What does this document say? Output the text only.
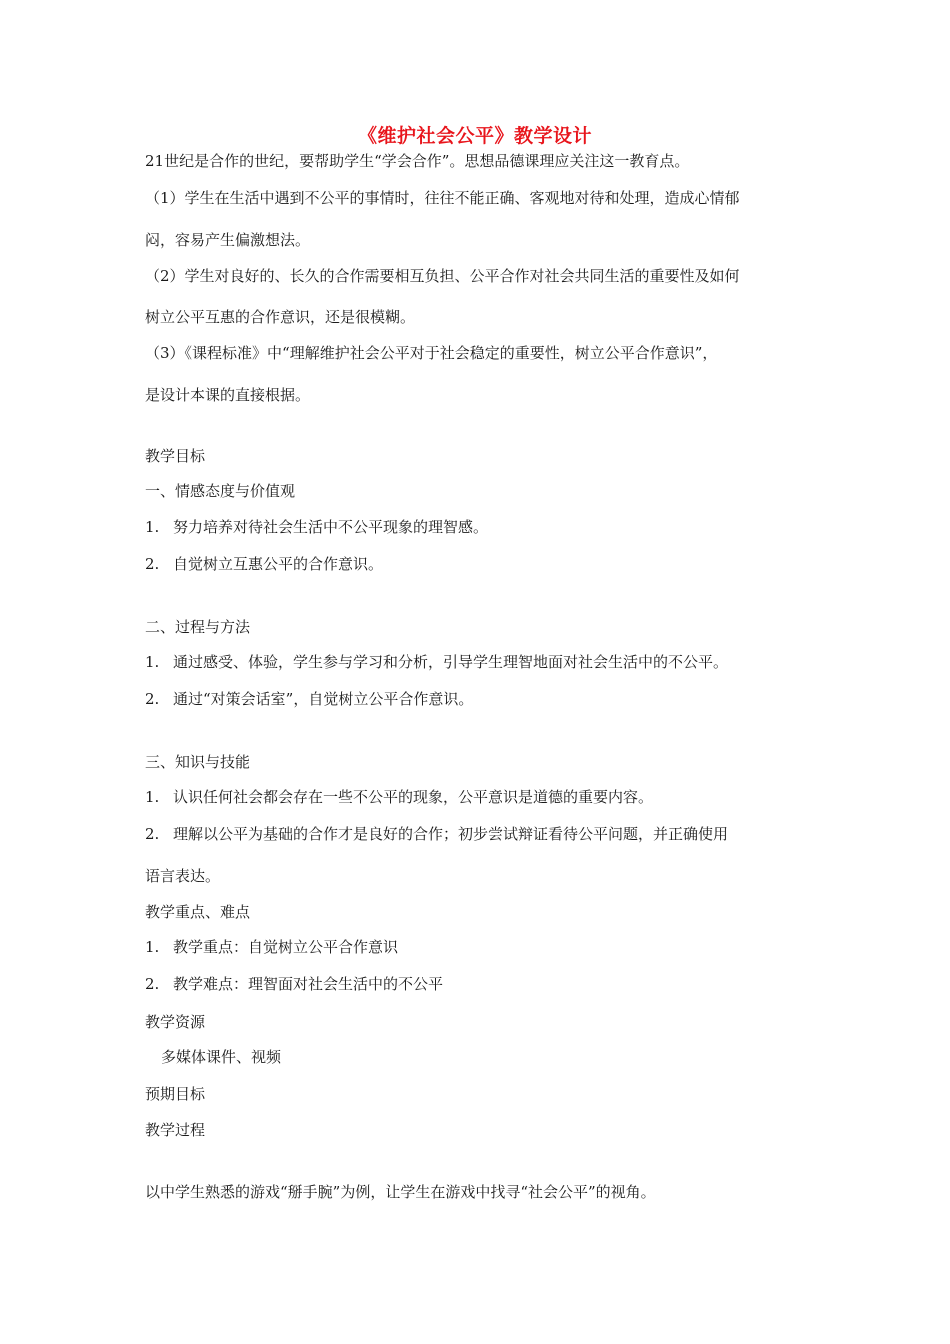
《维护社会公平》教学设计
21世纪是合作的世纪，要帮助学生“学会合作”。思想品德课理应关注这一教育点。
（1）学生在生活中遇到不公平的事情时，往往不能正确、客观地对待和处理，造成心情郁
闷，容易产生偏激想法。
（2）学生对良好的、长久的合作需要相互负担、公平合作对社会共同生活的重要性及如何
树立公平互惠的合作意识，还是很模糊。
（3）《课程标准》中“理解维护社会公平对于社会稳定的重要性，树立公平合作意识”，
是设计本课的直接根据。
教学目标
一、情感态度与价值观
1. 努力培养对待社会生活中不公平现象的理智感。
2. 自觉树立互惠公平的合作意识。
二、过程与方法
1. 通过感受、体验，学生参与学习和分析，引导学生理智地面对社会生活中的不公平。
2. 通过“对策会话室”，自觉树立公平合作意识。
三、知识与技能
1. 认识任何社会都会存在一些不公平的现象，公平意识是道德的重要内容。
2. 理解以公平为基础的合作才是良好的合作；初步尝试辩证看待公平问题，并正确使用
语言表达。
教学重点、难点
1. 教学重点：自觉树立公平合作意识
2. 教学难点：理智面对社会生活中的不公平
教学资源
多媒体课件、视频
预期目标
教学过程
以中学生熟悉的游戏“掰手腕”为例，让学生在游戏中找寻“社会公平”的视角。
